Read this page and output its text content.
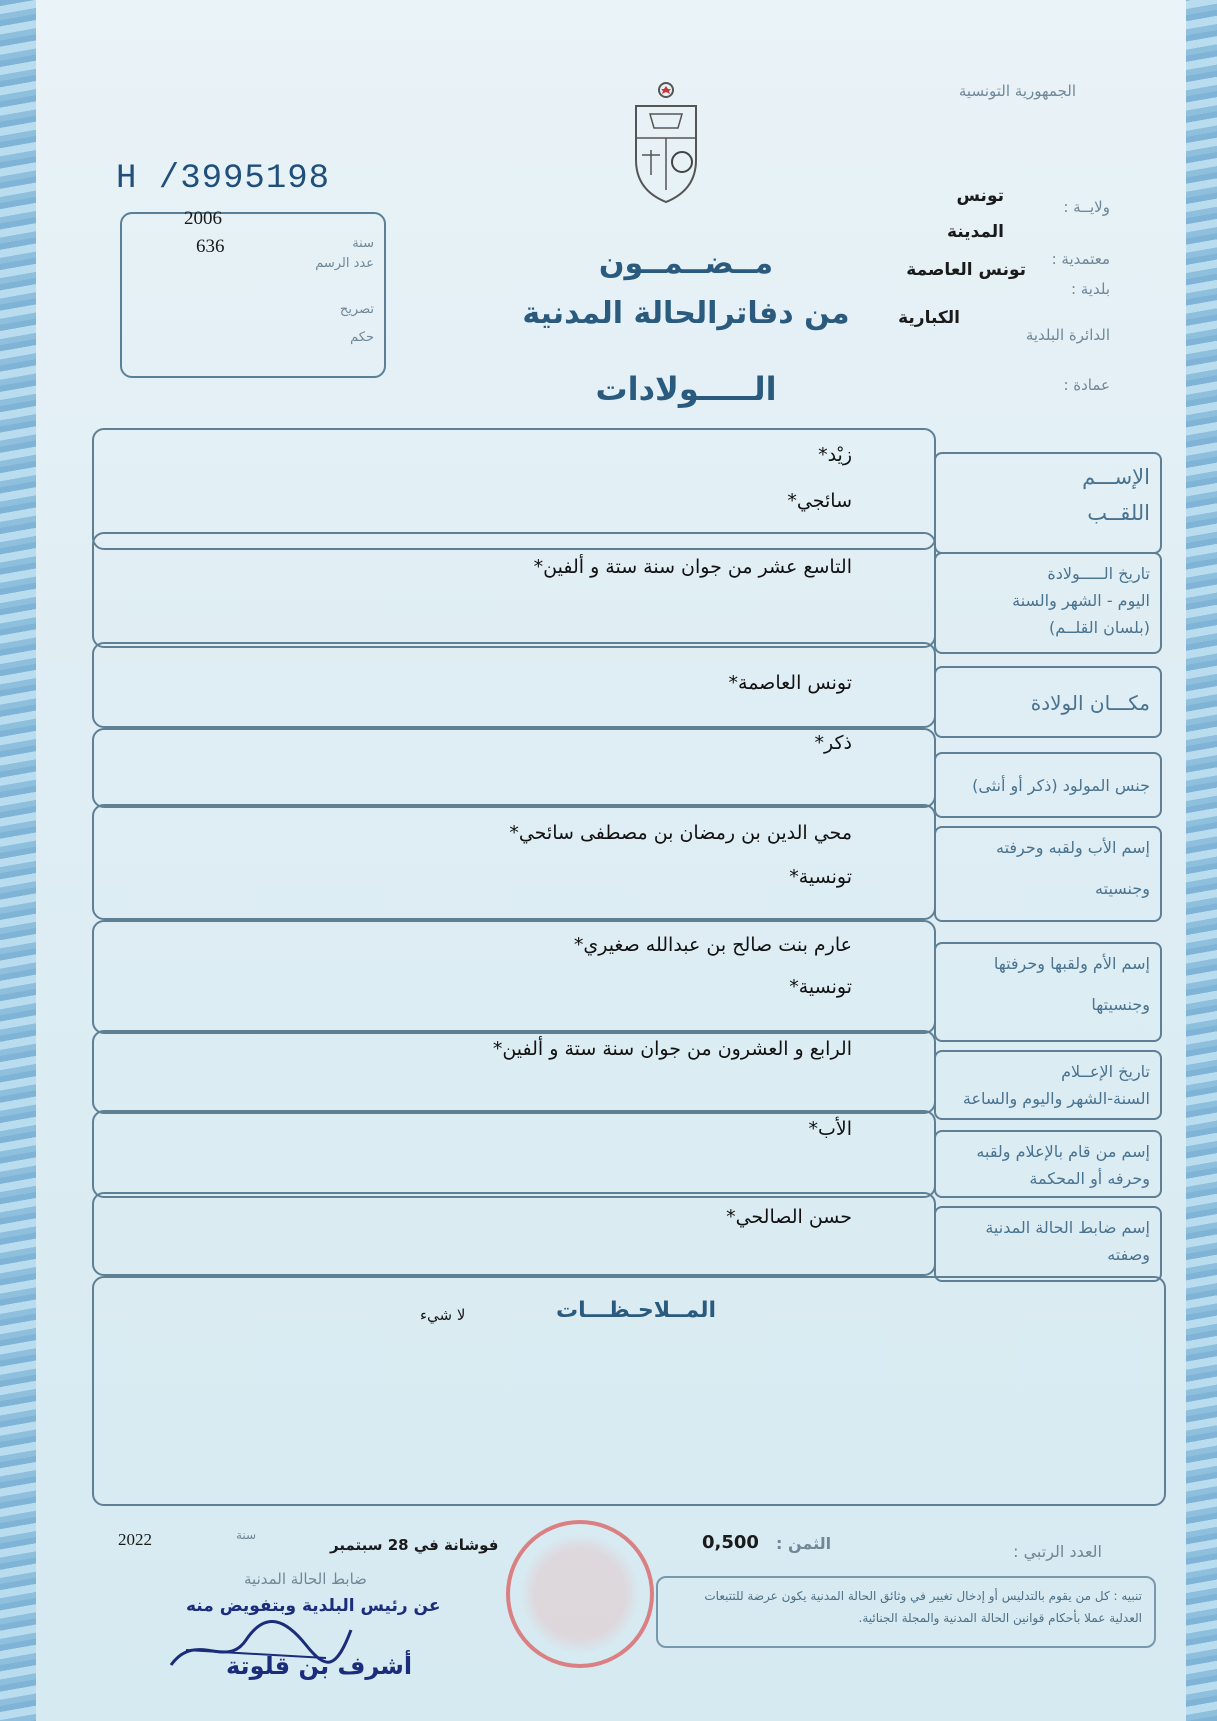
الجمهورية التونسية
H /3995198
2006
سنة
636
عدد الرسم
تصريح
حكم
ولايــة :
تونس
معتمدية :
المدينة
بلدية :
تونس العاصمة
الدائرة البلدية
الكبارية
عمادة :
مــضــمــون
من دفاترالحالة المدنية
الـــــولادات
الإســـم
اللقــب
زيْد*
سائجي*
تاريخ الـــــولادة
اليوم - الشهر والسنة
(بلسان القلــم)
التاسع عشر من جوان سنة ستة و ألفين*
مكـــان الولادة
تونس العاصمة*
جنس المولود (ذكر أو أنثى)
ذكر*
إسم الأب ولقبه وحرفته
وجنسيته
محي الدين بن رمضان بن مصطفى سائحي*
تونسية*
إسم الأم ولقبها وحرفتها
وجنسيتها
عارم بنت صالح بن عبدالله صغيري*
تونسية*
تاريخ الإعــلام
السنة-الشهر واليوم والساعة
الرابع و العشرون من جوان سنة ستة و ألفين*
إسم من قام بالإعلام ولقبه
وحرفه أو المحكمة
الأب*
إسم ضابط الحالة المدنية
وصفته
حسن الصالحي*
المــلاحـظـــات
لا شيء
العدد الرتبي :
الثمن :
0,500
فوشانة في 28 سبتمبر
سنة
2022
ضابط الحالة المدنية
عن رئيس البلدية وبتفويض منه
أشرف بن قلوتة
تنبيه : كل من يقوم بالتدليس أو إدخال تغيير في وثائق الحالة المدنية يكون عرضة للتتبعات العدلية عملا بأحكام قوانين الحالة المدنية والمجلة الجنائية.
